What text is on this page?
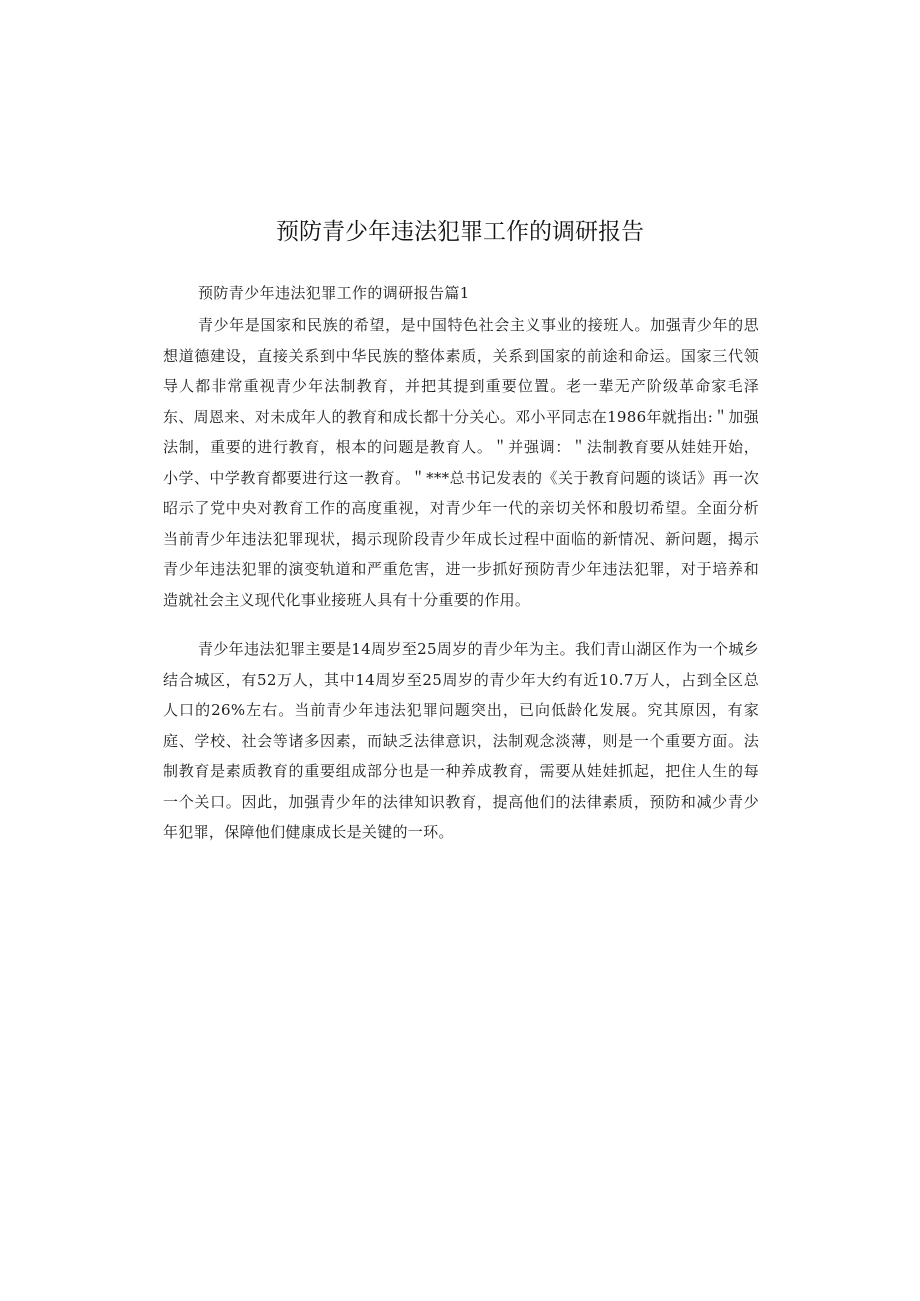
预防青少年违法犯罪工作的调研报告
预防青少年违法犯罪工作的调研报告篇1

青少年是国家和民族的希望，是中国特色社会主义事业的接班人。加强青少年的思想道德建设，直接关系到中华民族的整体素质，关系到国家的前途和命运。国家三代领导人都非常重视青少年法制教育，并把其提到重要位置。老一辈无产阶级革命家毛泽东、周恩来、对未成年人的教育和成长都十分关心。邓小平同志在1986年就指出:＂加强法制，重要的进行教育，根本的问题是教育人。＂并强调：＂法制教育要从娃娃开始，小学、中学教育都要进行这一教育。＂***总书记发表的《关于教育问题的谈话》再一次昭示了党中央对教育工作的高度重视，对青少年一代的亲切关怀和殷切希望。全面分析当前青少年违法犯罪现状，揭示现阶段青少年成长过程中面临的新情况、新问题，揭示青少年违法犯罪的演变轨道和严重危害，进一步抓好预防青少年违法犯罪，对于培养和造就社会主义现代化事业接班人具有十分重要的作用。

青少年违法犯罪主要是14周岁至25周岁的青少年为主。我们青山湖区作为一个城乡结合城区，有52万人，其中14周岁至25周岁的青少年大约有近10.7万人，占到全区总人口的26%左右。当前青少年违法犯罪问题突出，已向低龄化发展。究其原因，有家庭、学校、社会等诸多因素，而缺乏法律意识，法制观念淡薄，则是一个重要方面。法制教育是素质教育的重要组成部分也是一种养成教育，需要从娃娃抓起，把住人生的每一个关口。因此，加强青少年的法律知识教育，提高他们的法律素质，预防和减少青少年犯罪，保障他们健康成长是关键的一环。
